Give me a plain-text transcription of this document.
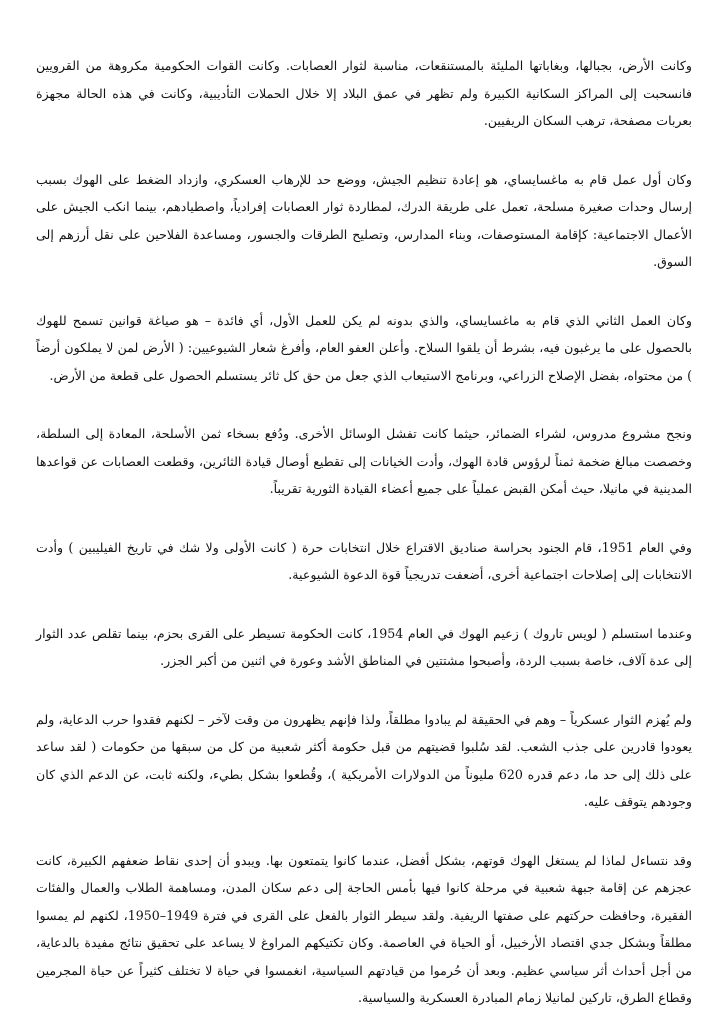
وكانت الأرض، بجبالها، وبغاباتها المليئة بالمستنقعات، مناسبة لثوار العصابات. وكانت القوات الحكومية مكروهة من القرويين فانسحبت إلى المراكز السكانية الكبيرة ولم تظهر في عمق البلاد إلا خلال الحملات التأديبية، وكانت في هذه الحالة مجهزة بعربات مصفحة، ترهب السكان الريفيين.

وكان أول عمل قام به ماغسايساي، هو إعادة تنظيم الجيش، ووضع حد للإرهاب العسكري، وازداد الضغط على الهوك بسبب إرسال وحدات صغيرة مسلحة، تعمل على طريقة الدرك، لمطاردة ثوار العصابات إفرادياً، واصطيادهم، بينما انكب الجيش على الأعمال الاجتماعية: كإقامة المستوصفات، وبناء المدارس، وتصليح الطرقات والجسور، ومساعدة الفلاحين على نقل أرزهم إلى السوق.

وكان العمل الثاني الذي قام به ماغسايساي، والذي بدونه لم يكن للعمل الأول، أي فائدة – هو صياغة قوانين تسمح للهوك بالحصول على ما يرغبون فيه، بشرط أن يلقوا السلاح. وأعلن العفو العام، وأفرغ شعار الشيوعيين: ( الأرض لمن لا يملكون أرضاً ) من محتواه، بفضل الإصلاح الزراعي، وبرنامج الاستيعاب الذي جعل من حق كل ثائر يستسلم الحصول على قطعة من الأرض.

ونجح مشروع مدروس، لشراء الضمائر، حيثما كانت تفشل الوسائل الأخرى. ودُفع بسخاء ثمن الأسلحة، المعادة إلى السلطة، وخصصت مبالغ ضخمة ثمناً لرؤوس قادة الهوك، وأدت الخيانات إلى تقطيع أوصال قيادة الثائرين، وقطعت العصابات عن قواعدها المدينية في مانيلا، حيث أمكن القبض عملياً على جميع أعضاء القيادة الثورية تقريباً.

وفي العام 1951، قام الجنود بحراسة صناديق الاقتراع خلال انتخابات حرة ( كانت الأولى ولا شك في تاريخ الفيليبين ) وأدت الانتخابات إلى إصلاحات اجتماعية أخرى، أضعفت تدريجياً قوة الدعوة الشيوعية.

وعندما استسلم ( لويس تاروك ) زعيم الهوك في العام 1954، كانت الحكومة تسيطر على القرى بحزم، بينما تقلص عدد الثوار إلى عدة آلاف، خاصة بسبب الردة، وأصبحوا مشتتين في المناطق الأشد وعورة في اثنين من أكبر الجزر.

ولم يُهزم الثوار عسكرياً – وهم في الحقيقة لم يبادوا مطلقاً، ولذا فإنهم يظهرون من وقت لآخر – لكنهم فقدوا حرب الدعاية، ولم يعودوا قادرين على جذب الشعب. لقد سُلبوا قضيتهم من قبل حكومة أكثر شعبية من كل من سبقها من حكومات ( لقد ساعد على ذلك إلى حد ما، دعم قدره 620 مليوناً من الدولارات الأمريكية )، وقُطعوا بشكل بطيء، ولكنه ثابت، عن الدعم الذي كان وجودهم يتوقف عليه.

وقد نتساءل لماذا لم يستغل الهوك قوتهم، بشكل أفضل، عندما كانوا يتمتعون بها. ويبدو أن إحدى نقاط ضعفهم الكبيرة، كانت عجزهم عن إقامة جبهة شعبية في مرحلة كانوا فيها بأمس الحاجة إلى دعم سكان المدن، ومساهمة الطلاب والعمال والفئات الفقيرة، وحافظت حركتهم على صفتها الريفية. ولقد سيطر الثوار بالفعل على القرى في فترة 1949–1950، لكنهم لم يمسوا مطلقاً وبشكل جدي اقتصاد الأرخبيل، أو الحياة في العاصمة. وكان تكتيكهم المراوغ لا يساعد على تحقيق نتائج مفيدة بالدعاية، من أجل أحداث أثر سياسي عظيم. وبعد أن حُرموا من قيادتهم السياسية، انغمسوا في حياة لا تختلف كثيراً عن حياة المجرمين وقطاع الطرق، تاركين لمانيلا زمام المبادرة العسكرية والسياسية.
